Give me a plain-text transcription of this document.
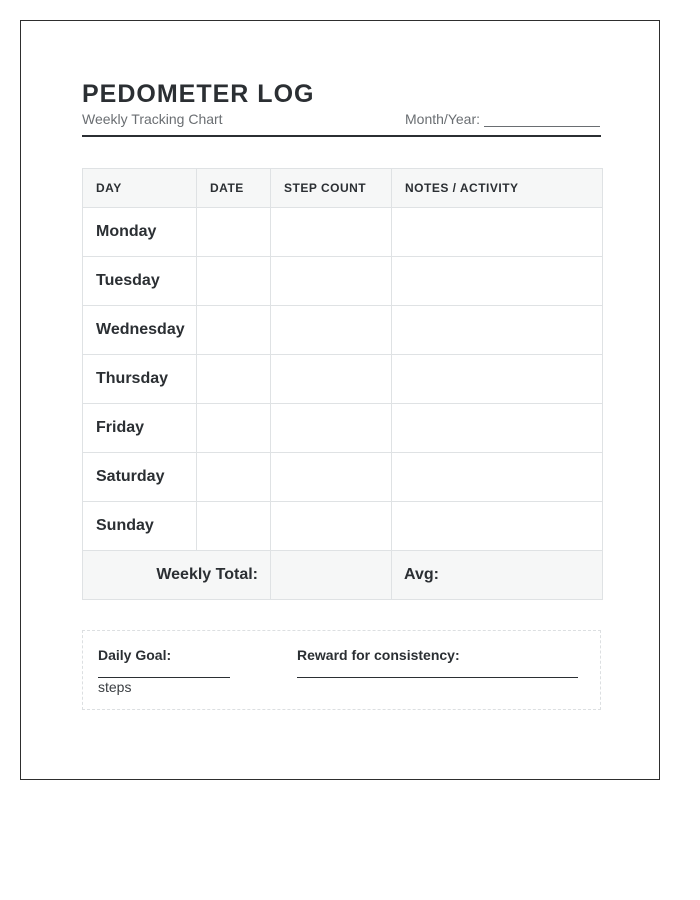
PEDOMETER LOG
Weekly Tracking Chart	Month/Year:
DAY	DATE	STEP COUNT	NOTES / ACTIVITY
Monday			
Tuesday			
Wednesday			
Thursday			
Friday			
Saturday			
Sunday			
Weekly Total:			Avg:
Daily Goal:
steps
Reward for consistency:
